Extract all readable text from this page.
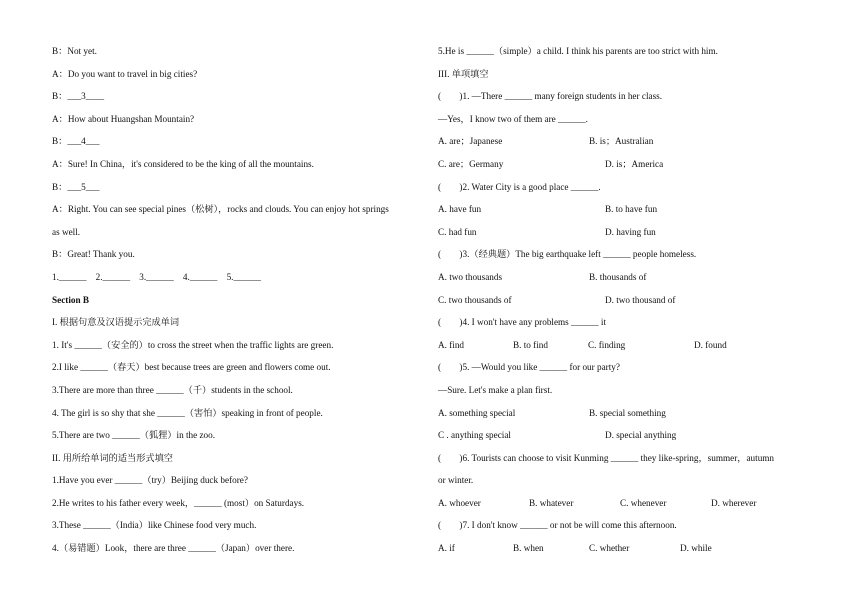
B：Not yet.
A：Do you want to travel in big cities?
B：___3____
A：How about Huangshan Mountain?
B：___4___
A：Sure! In China，it's considered to be the king of all the mountains.
B：___5___
A：Right. You can see special pines（松树），rocks and clouds. You can enjoy hot springs
as well.
B：Great! Thank you.
1.______    2.______    3.______    4.______    5.______
Section B
I. 根据句意及汉语提示完成单词
1. It's ______（安全的）to cross the street when the traffic lights are green.
2.I like ______（春天）best because trees are green and flowers come out.
3.There are more than three ______（千）students in the school.
4. The girl is so shy that she ______（害怕）speaking in front of people.
5.There are two ______（狐狸）in the zoo.
II. 用所给单词的适当形式填空
1.Have you ever ______（try）Beijing duck before?
2.He writes to his father every week，______ (most）on Saturdays.
3.These ______（India）like Chinese food very much.
4.（易错题）Look，there are three ______（Japan）over there.
5.He is ______（simple）a child. I think his parents are too strict with him.
III. 单项填空
(        )1. —There ______ many foreign students in her class.
—Yes，I know two of them are ______.
A. are；Japanese	B. is；Australian
C. are；Germany	D. is；America
(        )2. Water City is a good place ______.
A. have fun	B. to have fun
C. had fun	D. having fun
(        )3.（经典题）The big earthquake left ______ people homeless.
A. two thousands	B. thousands of
C. two thousands of	D. two thousand of
(        )4. I won't have any problems ______ it
A. find	B. to find	C. finding	D. found
(        )5. —Would you like ______ for our party?
—Sure. Let's make a plan first.
A. something special	B. special something
C . anything special	D. special anything
(        )6. Tourists can choose to visit Kunming ______ they like-spring，summer，autumn
or winter.
A. whoever	B. whatever	C. whenever	D. wherever
(        )7. I don't know ______ or not be will come this afternoon.
A. if	B. when	C. whether	D. while
